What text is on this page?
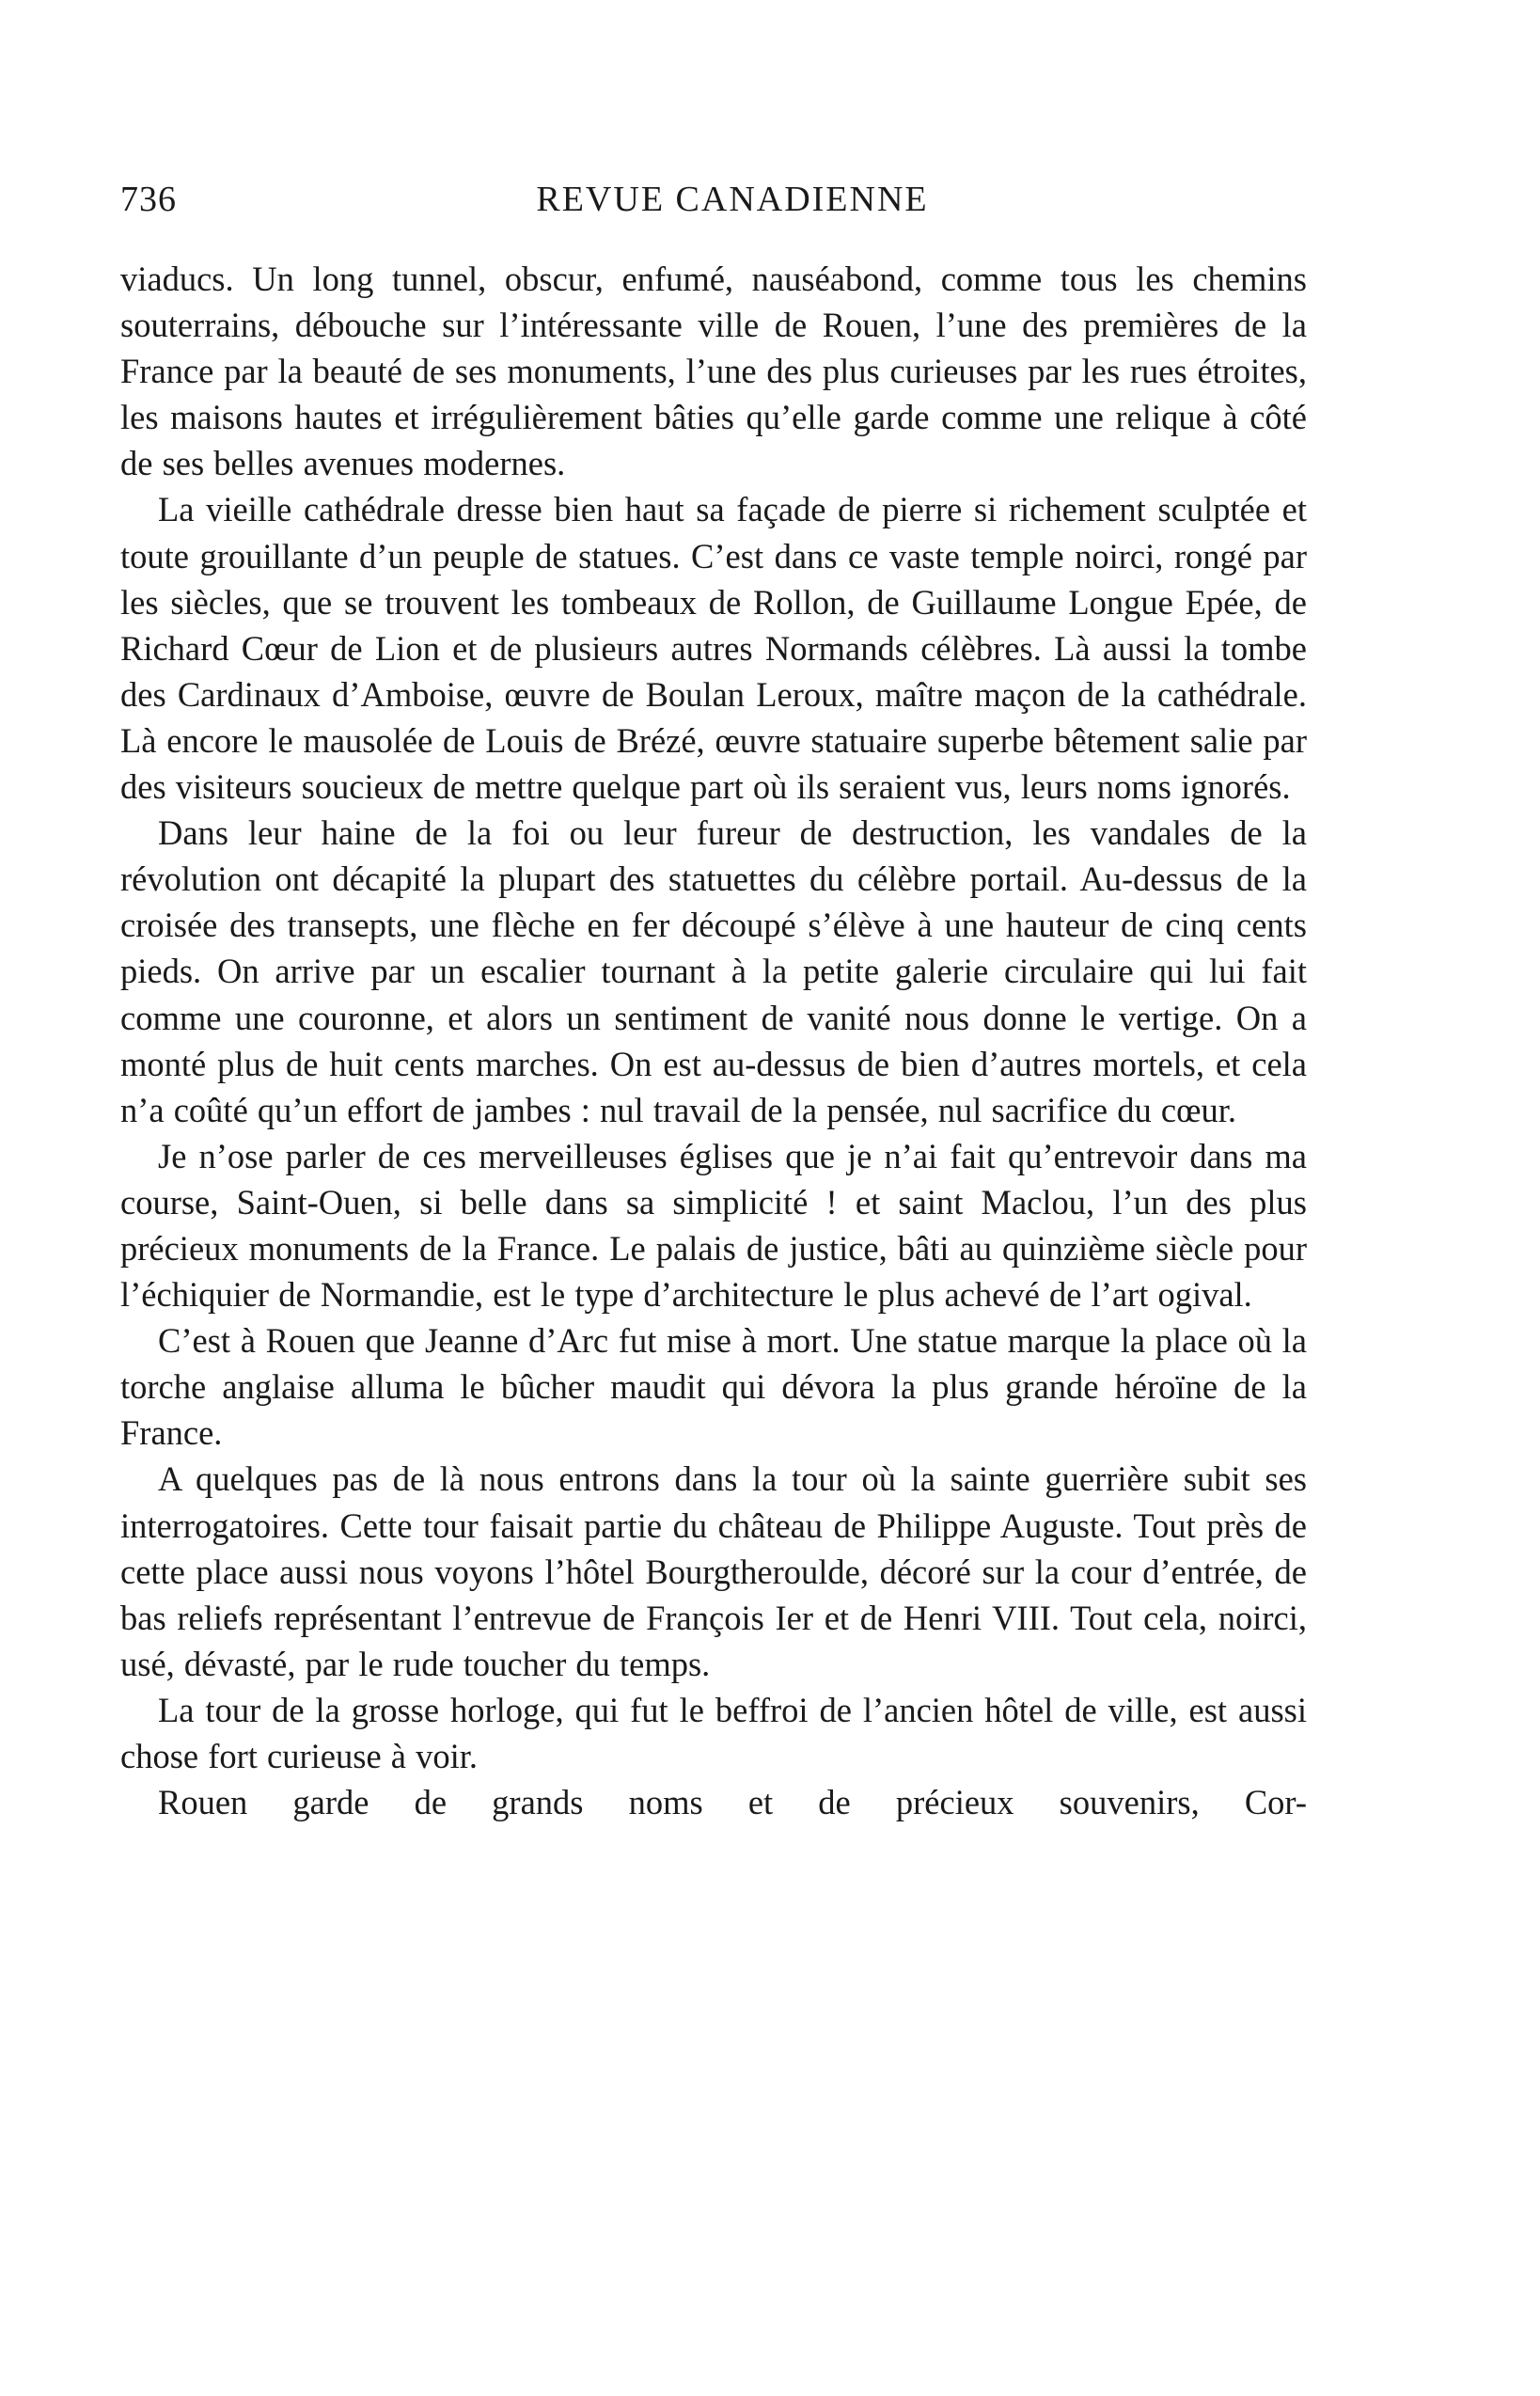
736	REVUE CANADIENNE

viaducs. Un long tunnel, obscur, enfumé, nauséabond, comme tous les chemins souterrains, débouche sur l’intéressante ville de Rouen, l’une des premières de la France par la beauté de ses monuments, l’une des plus curieuses par les rues étroites, les maisons hautes et irrégulièrement bâties qu’elle garde comme une relique à côté de ses belles avenues modernes.

La vieille cathédrale dresse bien haut sa façade de pierre si richement sculptée et toute grouillante d’un peuple de statues. C’est dans ce vaste temple noirci, rongé par les siècles, que se trouvent les tombeaux de Rollon, de Guillaume Longue Epée, de Richard Cœur de Lion et de plusieurs autres Normands célèbres. Là aussi la tombe des Cardinaux d’Amboise, œuvre de Boulan Leroux, maître maçon de la cathédrale. Là encore le mausolée de Louis de Brézé, œuvre statuaire superbe bêtement salie par des visiteurs soucieux de mettre quelque part où ils seraient vus, leurs noms ignorés.

Dans leur haine de la foi ou leur fureur de destruction, les vandales de la révolution ont décapité la plupart des statuettes du célèbre portail. Au-dessus de la croisée des transepts, une flèche en fer découpé s’élève à une hauteur de cinq cents pieds. On arrive par un escalier tournant à la petite galerie circulaire qui lui fait comme une couronne, et alors un sentiment de vanité nous donne le vertige. On a monté plus de huit cents marches. On est au-dessus de bien d’autres mortels, et cela n’a coûté qu’un effort de jambes : nul travail de la pensée, nul sacrifice du cœur.

Je n’ose parler de ces merveilleuses églises que je n’ai fait qu’entrevoir dans ma course, Saint-Ouen, si belle dans sa simplicité ! et saint Maclou, l’un des plus précieux monuments de la France. Le palais de justice, bâti au quinzième siècle pour l’échiquier de Normandie, est le type d’architecture le plus achevé de l’art ogival.

C’est à Rouen que Jeanne d’Arc fut mise à mort. Une statue marque la place où la torche anglaise alluma le bûcher maudit qui dévora la plus grande héroïne de la France.

A quelques pas de là nous entrons dans la tour où la sainte guerrière subit ses interrogatoires. Cette tour faisait partie du château de Philippe Auguste. Tout près de cette place aussi nous voyons l’hôtel Bourgtheroulde, décoré sur la cour d’entrée, de bas reliefs représentant l’entrevue de François Ier et de Henri VIII. Tout cela, noirci, usé, dévasté, par le rude toucher du temps.

La tour de la grosse horloge, qui fut le beffroi de l’ancien hôtel de ville, est aussi chose fort curieuse à voir.

Rouen garde de grands noms et de précieux souvenirs, Cor-
